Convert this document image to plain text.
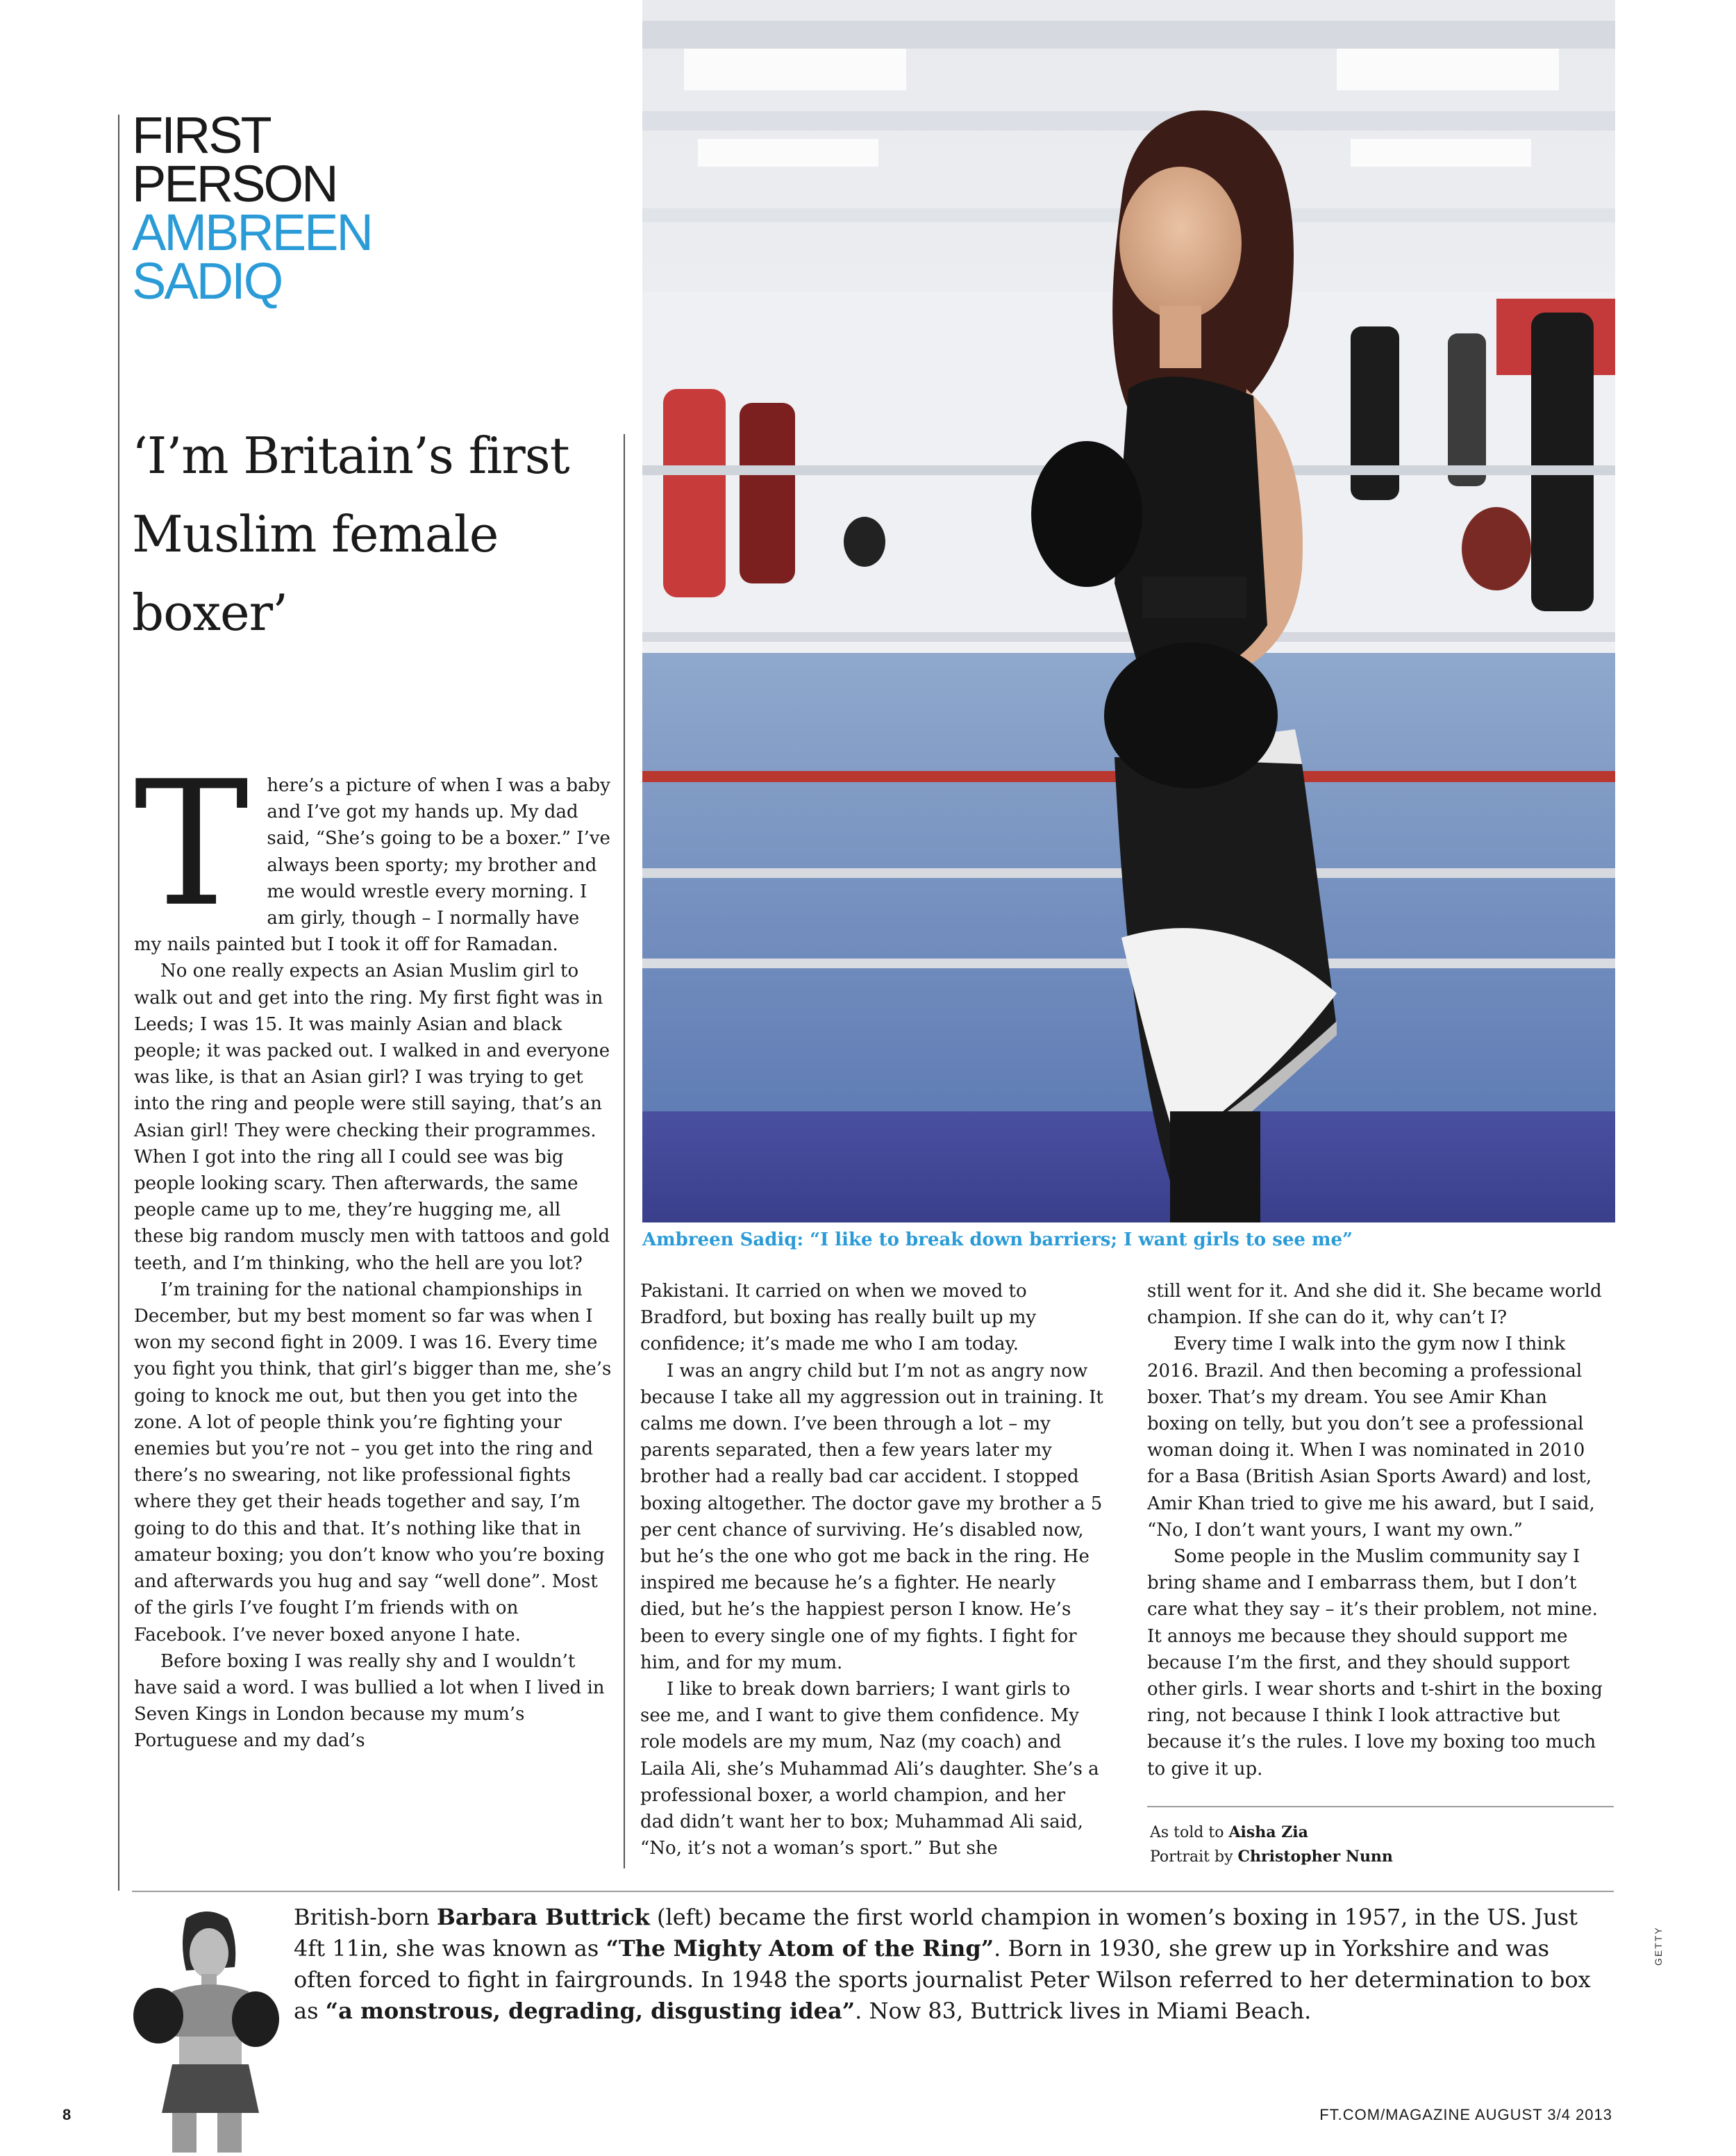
FIRST
PERSON
AMBREEN
SADIQ
‘I’m Britain’s first Muslim female boxer’

T here’s a picture of when I was a baby and I’ve got my hands up. My dad said, “She’s going to be a boxer.” I’ve always been sporty; my brother and me would wrestle every morning. I am girly, though – I normally have my nails painted but I took it off for Ramadan.

No one really expects an Asian Muslim girl to walk out and get into the ring. My first fight was in Leeds; I was 15. It was mainly Asian and black people; it was packed out. I walked in and everyone was like, is that an Asian girl? I was trying to get into the ring and people were still saying, that’s an Asian girl! They were checking their programmes. When I got into the ring all I could see was big people looking scary. Then afterwards, the same people came up to me, they’re hugging me, all these big random muscly men with tattoos and gold teeth, and I’m thinking, who the hell are you lot?

I’m training for the national championships in December, but my best moment so far was when I won my second fight in 2009. I was 16. Every time you fight you think, that girl’s bigger than me, she’s going to knock me out, but then you get into the zone. A lot of people think you’re fighting your enemies but you’re not – you get into the ring and there’s no swearing, not like professional fights where they get their heads together and say, I’m going to do this and that. It’s nothing like that in amateur boxing; you don’t know who you’re boxing and afterwards you hug and say “well done”. Most of the girls I’ve fought I’m friends with on Facebook. I’ve never boxed anyone I hate.

Before boxing I was really shy and I wouldn’t have said a word. I was bullied a lot when I lived in Seven Kings in London because my mum’s Portuguese and my dad’s

Ambreen Sadiq: “I like to break down barriers; I want girls to see me”

Pakistani. It carried on when we moved to Bradford, but boxing has really built up my confidence; it’s made me who I am today.

I was an angry child but I’m not as angry now because I take all my aggression out in training. It calms me down. I’ve been through a lot – my parents separated, then a few years later my brother had a really bad car accident. I stopped boxing altogether. The doctor gave my brother a 5 per cent chance of surviving. He’s disabled now, but he’s the one who got me back in the ring. He inspired me because he’s a fighter. He nearly died, but he’s the happiest person I know. He’s been to every single one of my fights. I fight for him, and for my mum.

I like to break down barriers; I want girls to see me, and I want to give them confidence. My role models are my mum, Naz (my coach) and Laila Ali, she’s Muhammad Ali’s daughter. She’s a professional boxer, a world champion, and her dad didn’t want her to box; Muhammad Ali said, “No, it’s not a woman’s sport.” But she

still went for it. And she did it. She became world champion. If she can do it, why can’t I?

Every time I walk into the gym now I think 2016. Brazil. And then becoming a professional boxer. That’s my dream. You see Amir Khan boxing on telly, but you don’t see a professional woman doing it. When I was nominated in 2010 for a Basa (British Asian Sports Award) and lost, Amir Khan tried to give me his award, but I said, “No, I don’t want yours, I want my own.”

Some people in the Muslim community say I bring shame and I embarrass them, but I don’t care what they say – it’s their problem, not mine. It annoys me because they should support me because I’m the first, and they should support other girls. I wear shorts and t-shirt in the boxing ring, not because I think I look attractive but because it’s the rules. I love my boxing too much to give it up.

As told to Aisha Zia
Portrait by Christopher Nunn
British-born Barbara Buttrick (left) became the first world champion in women’s boxing in 1957, in the US. Just 4ft 11in, she was known as “The Mighty Atom of the Ring”. Born in 1930, she grew up in Yorkshire and was often forced to fight in fairgrounds. In 1948 the sports journalist Peter Wilson referred to her determination to box as “a monstrous, degrading, disgusting idea”. Now 83, Buttrick lives in Miami Beach.
GETTY
8	FT.COM/MAGAZINE AUGUST 3/4 2013
